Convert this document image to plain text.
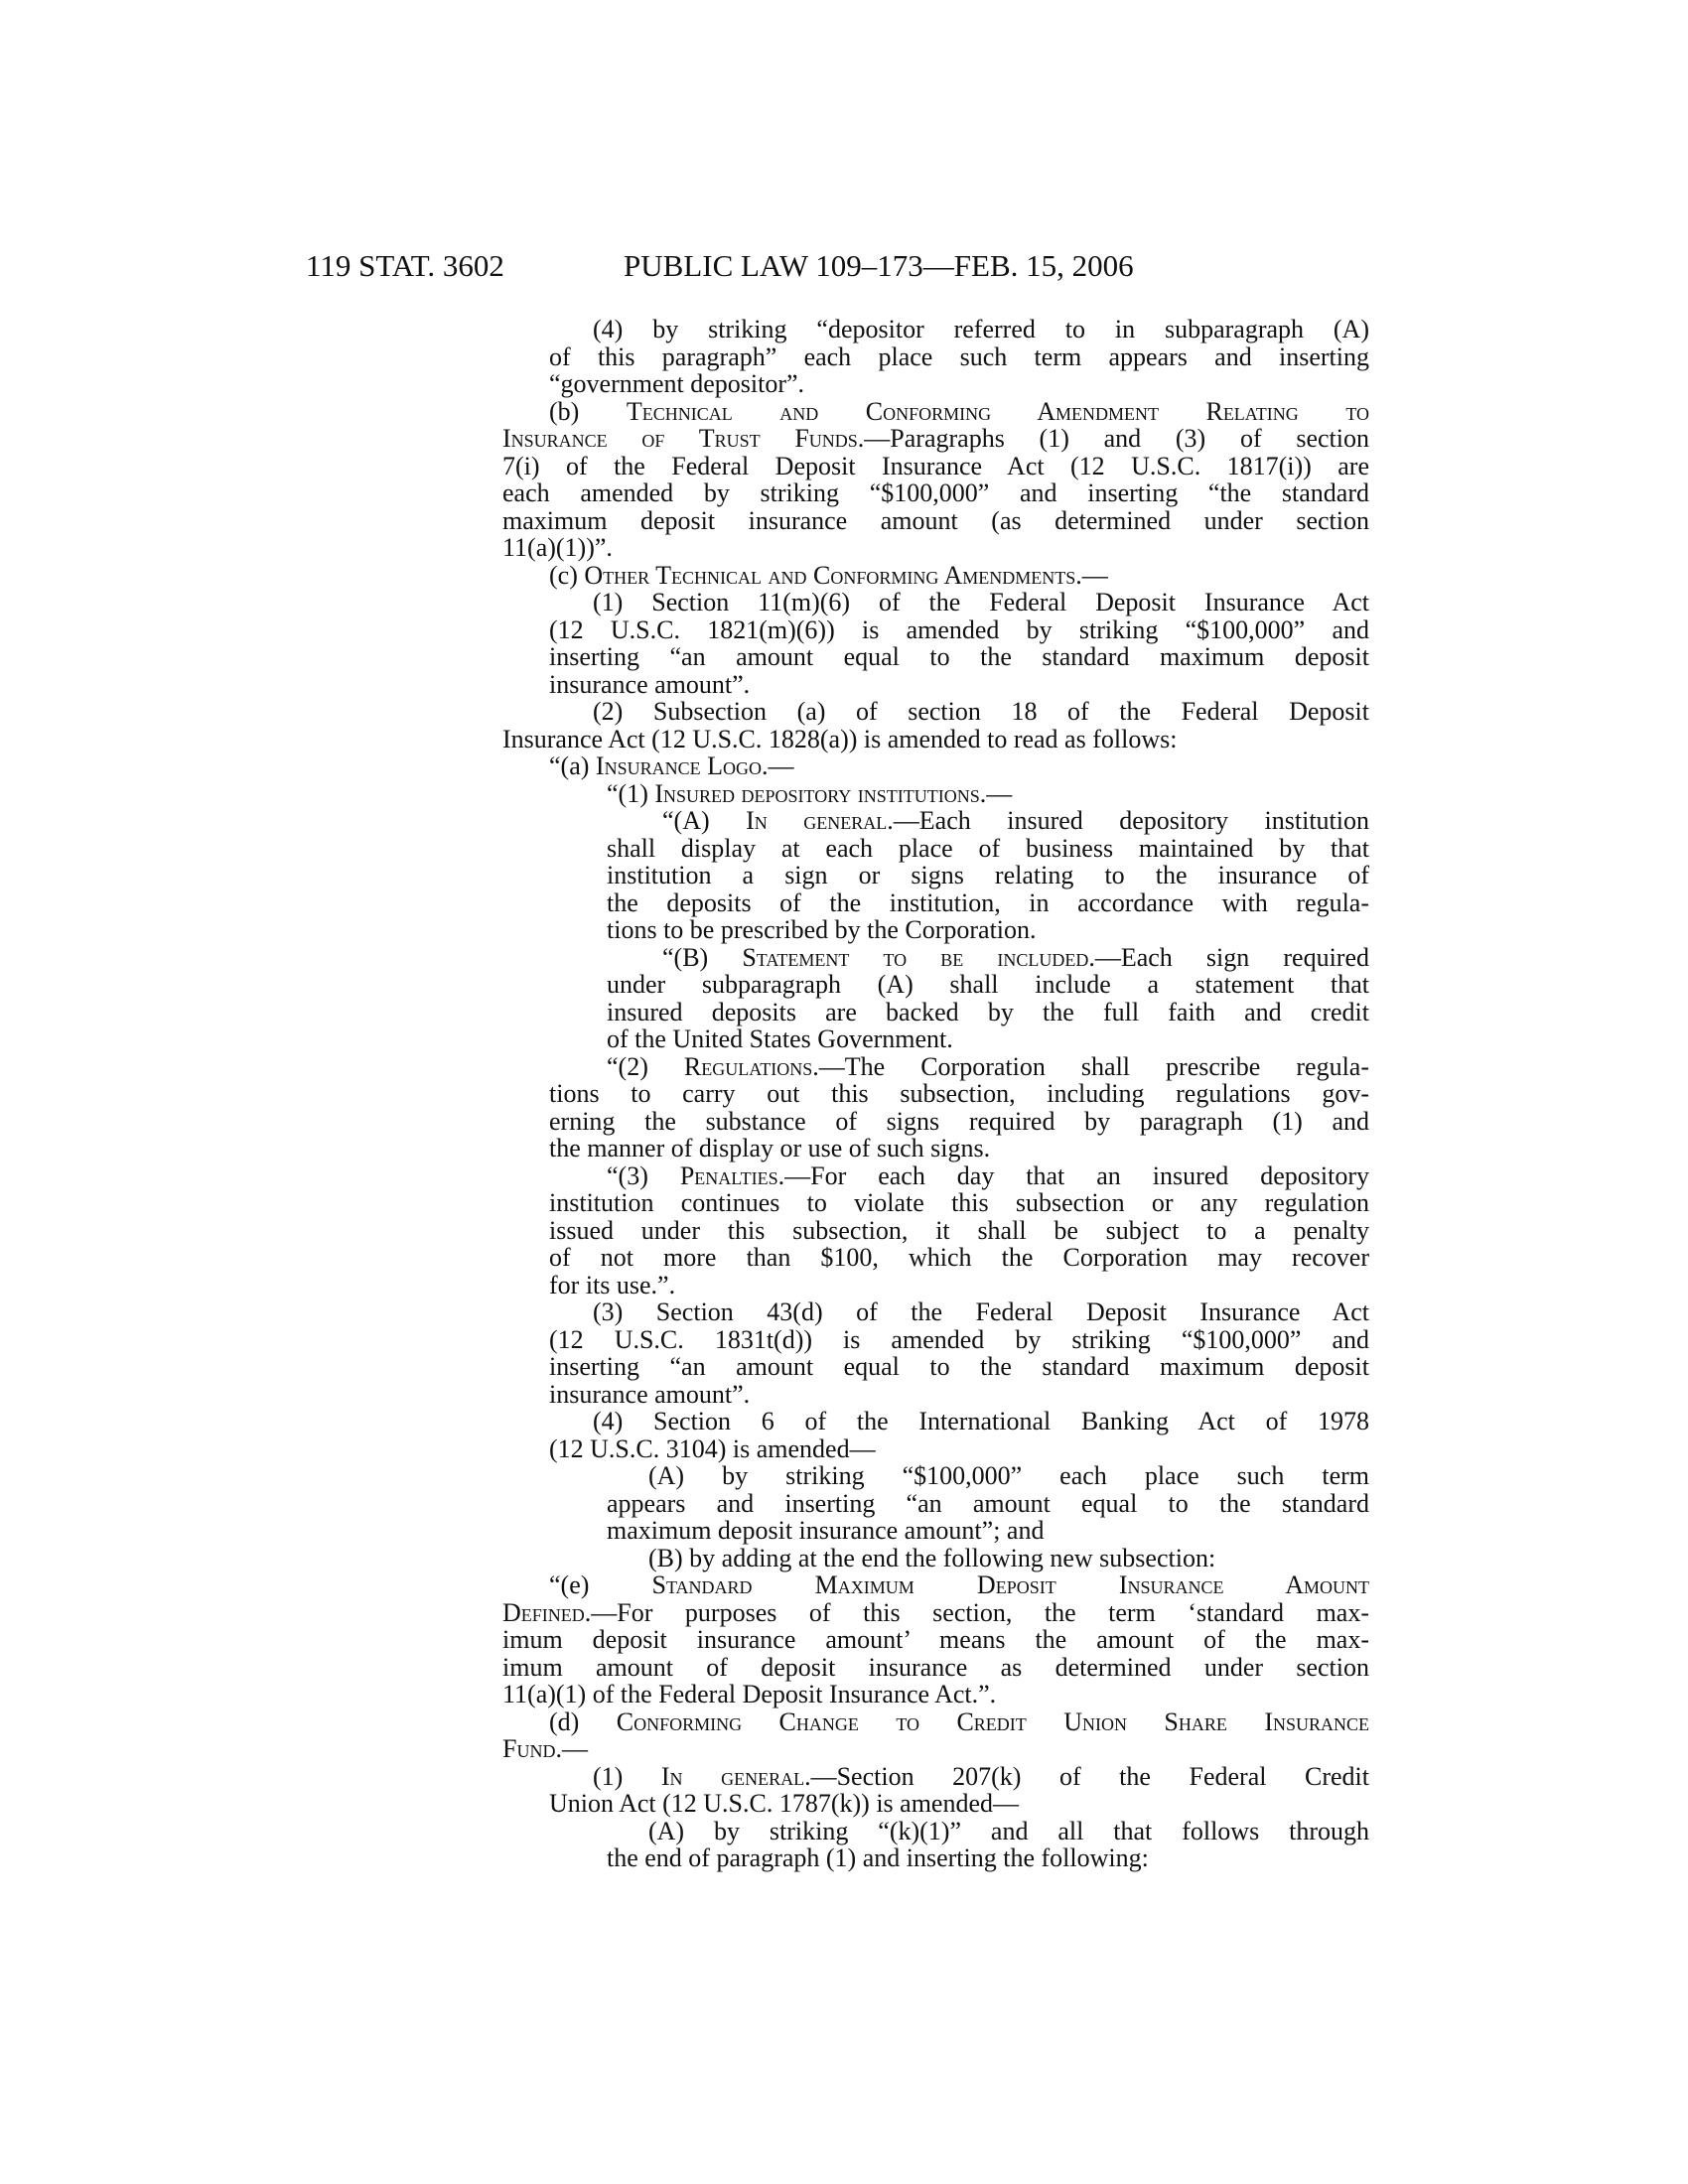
119 STAT. 3602	PUBLIC LAW 109–173—FEB. 15, 2006
(4) by striking “depositor referred to in subparagraph (A)
of this paragraph” each place such term appears and inserting
“government depositor”.
(b) Technical and Conforming Amendment Relating to
Insurance of Trust Funds.—Paragraphs (1) and (3) of section
7(i) of the Federal Deposit Insurance Act (12 U.S.C. 1817(i)) are
each amended by striking “$100,000” and inserting “the standard
maximum deposit insurance amount (as determined under section
11(a)(1))”.
(c) Other Technical and Conforming Amendments.—
(1) Section 11(m)(6) of the Federal Deposit Insurance Act
(12 U.S.C. 1821(m)(6)) is amended by striking “$100,000” and
inserting “an amount equal to the standard maximum deposit
insurance amount”.
(2) Subsection (a) of section 18 of the Federal Deposit
Insurance Act (12 U.S.C. 1828(a)) is amended to read as follows:
“(a) Insurance Logo.—
“(1) Insured depository institutions.—
“(A) In general.—Each insured depository institution
shall display at each place of business maintained by that
institution a sign or signs relating to the insurance of
the deposits of the institution, in accordance with regula-
tions to be prescribed by the Corporation.
“(B) Statement to be included.—Each sign required
under subparagraph (A) shall include a statement that
insured deposits are backed by the full faith and credit
of the United States Government.
“(2) Regulations.—The Corporation shall prescribe regula-
tions to carry out this subsection, including regulations gov-
erning the substance of signs required by paragraph (1) and
the manner of display or use of such signs.
“(3) Penalties.—For each day that an insured depository
institution continues to violate this subsection or any regulation
issued under this subsection, it shall be subject to a penalty
of not more than $100, which the Corporation may recover
for its use.”.
(3) Section 43(d) of the Federal Deposit Insurance Act
(12 U.S.C. 1831t(d)) is amended by striking “$100,000” and
inserting “an amount equal to the standard maximum deposit
insurance amount”.
(4) Section 6 of the International Banking Act of 1978
(12 U.S.C. 3104) is amended—
(A) by striking “$100,000” each place such term
appears and inserting “an amount equal to the standard
maximum deposit insurance amount”; and
(B) by adding at the end the following new subsection:
“(e) Standard Maximum Deposit Insurance Amount
Defined.—For purposes of this section, the term ‘standard max-
imum deposit insurance amount’ means the amount of the max-
imum amount of deposit insurance as determined under section
11(a)(1) of the Federal Deposit Insurance Act.”.
(d) Conforming Change to Credit Union Share Insurance
Fund.—
(1) In general.—Section 207(k) of the Federal Credit
Union Act (12 U.S.C. 1787(k)) is amended—
(A) by striking “(k)(1)” and all that follows through
the end of paragraph (1) and inserting the following:
